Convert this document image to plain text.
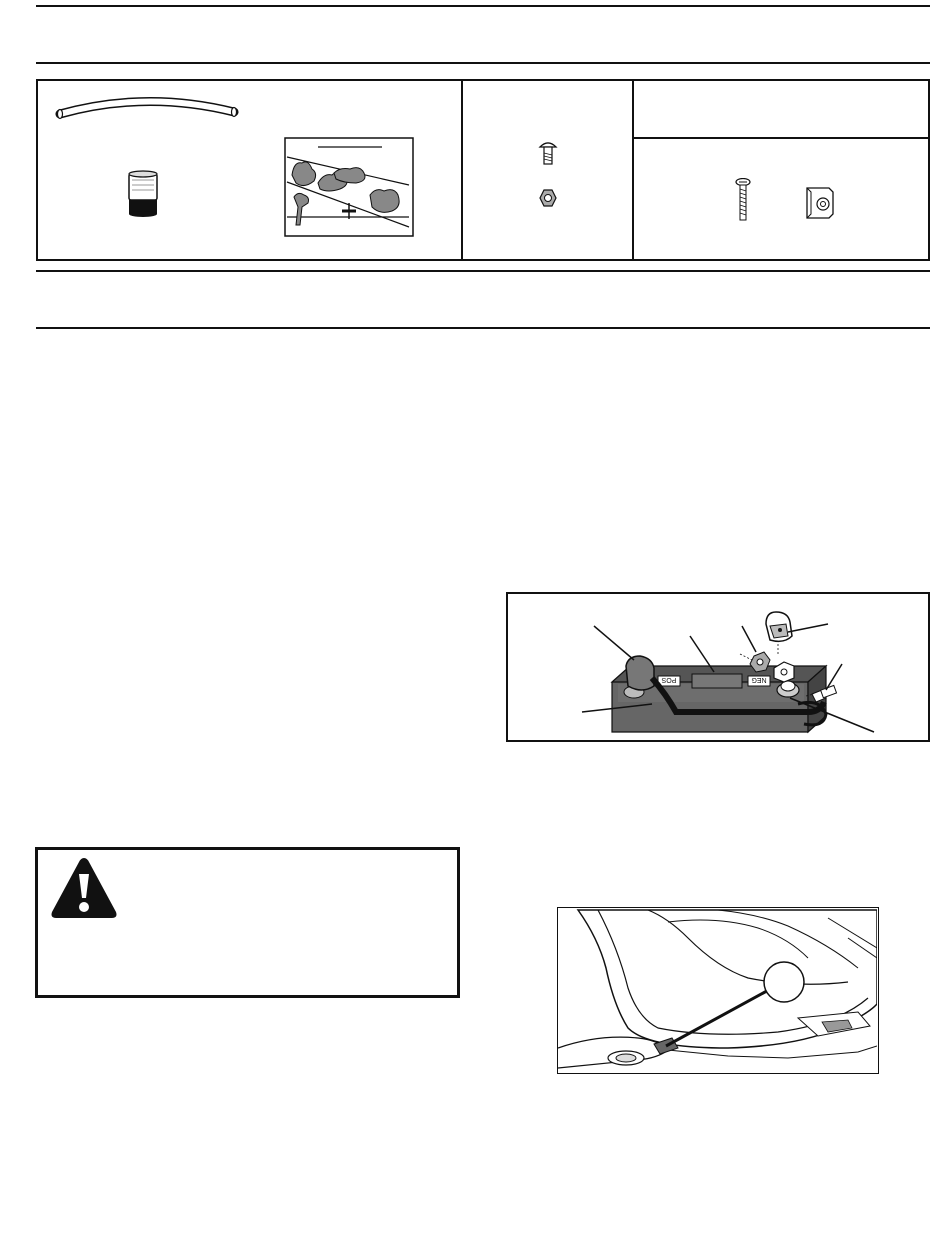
POS	NEG
